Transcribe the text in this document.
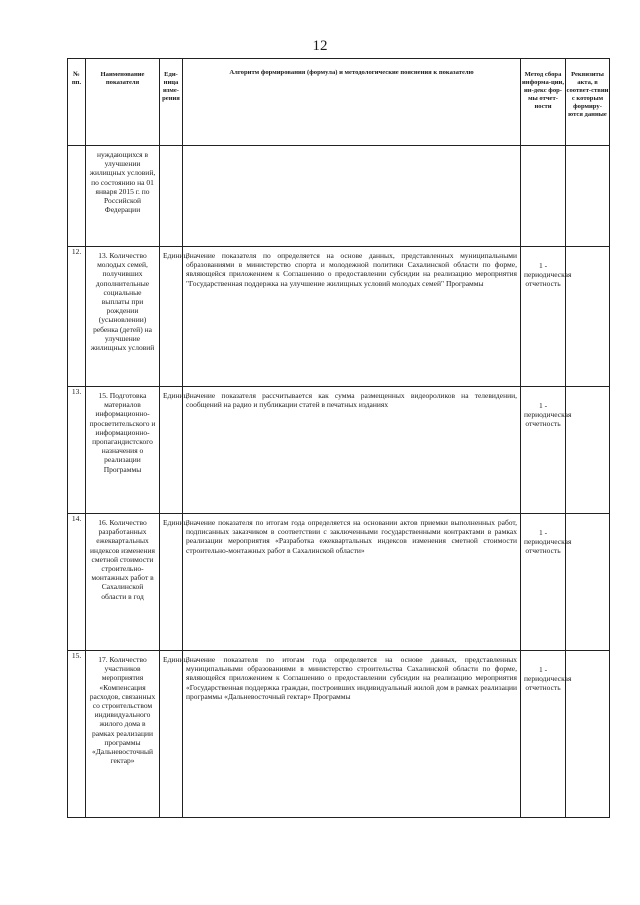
12
№ пп.	Наименование показателя	Еди-ница изме-рения	Алгоритм формирования (формула) и методологические пояснения к показателю	Метод сбора информа-ции, ин-декс фор-мы отчет-ности	Реквизиты акта, в соответ-ствии с которым формиру-ются данные

	нуждающихся в улучшении жилищных условий, по состоянию на 01 января 2015 г. по Российской Федерации				

12.	13. Количество молодых семей, получивших дополнительные социальные выплаты при рождении (усыновлении) ребенка (детей) на улучшение жилищных условий	Единиц	Значение показателя по определяется на основе данных, представленных муниципальными образованиями в министерство спорта и молодежной политики Сахалинской области по форме, являющейся приложением к Соглашению о предоставлении субсидии на реализацию мероприятия "Государственная поддержка на улучшение жилищных условий молодых семей" Программы	1 - периодическая отчетность	

13.	15. Подготовка материалов информационно-просветительского и информационно-пропагандистского назначения о реализации Программы	Единиц	Значение показателя рассчитывается как сумма размещенных видеороликов на телевидении, сообщений на радио и публикации статей в печатных изданиях	1 - периодическая отчетность	

14.	16. Количество разработанных ежеквартальных индексов изменения сметной стоимости строительно-монтажных работ в Сахалинской области в год	Единиц	Значение показателя по итогам года определяется на основании актов приемки выполненных работ, подписанных заказчиком в соответствии с заключенными государственными контрактами в рамках реализации мероприятия «Разработка ежеквартальных индексов изменения сметной стоимости строительно-монтажных работ в Сахалинской области»	1 - периодическая отчетность	

15.	17. Количество участников мероприятия «Компенсация расходов, связанных со строительством индивидуального жилого дома в рамках реализации программы «Дальневосточный гектар»	Единиц	Значение показателя по итогам года определяется на основе данных, представленных муниципальными образованиями в министерство строительства Сахалинской области по форме, являющейся приложением к Соглашению о предоставлении субсидии на реализацию мероприятия «Государственная поддержка граждан, построивших индивидуальный жилой дом в рамках реализации программы «Дальневосточный гектар» Программы	1 - периодическая отчетность	
